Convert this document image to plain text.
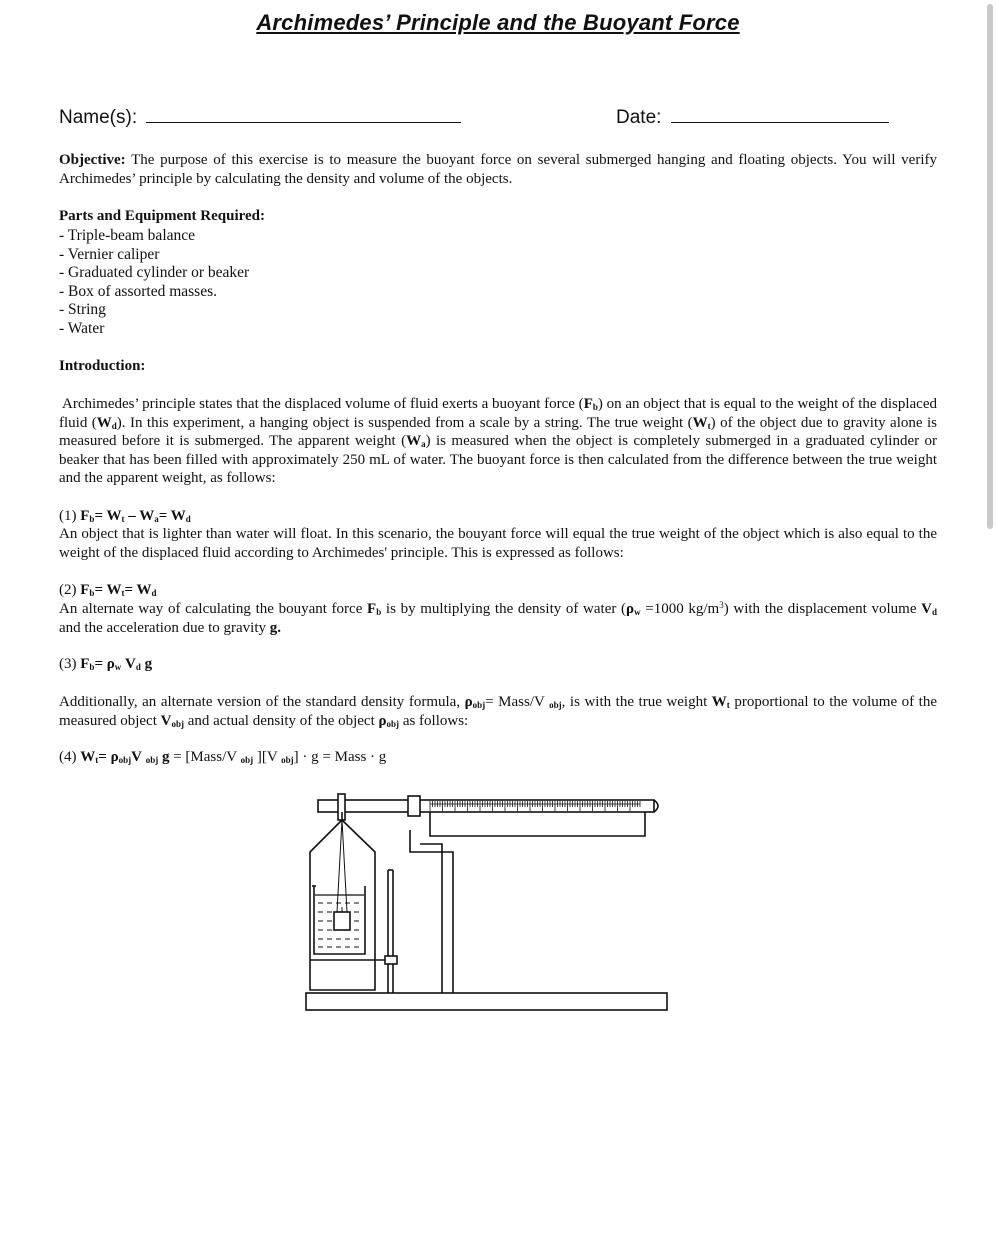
Archimedes’ Principle and the Buoyant Force
Name(s):	Date:
Objective: The purpose of this exercise is to measure the buoyant force on several submerged hanging and floating objects. You will verify Archimedes’ principle by calculating the density and volume of the objects.
Parts and Equipment Required:
- Triple-beam balance
- Vernier caliper
- Graduated cylinder or beaker
- Box of assorted masses.
- String
- Water
Introduction:
Archimedes’ principle states that the displaced volume of fluid exerts a buoyant force $(F_b)$ on an object that is equal to the weight of the displaced fluid $(W_d)$. In this experiment, a hanging object is suspended from a scale by a string. The true weight $(W_t)$ of the object due to gravity alone is measured before it is submerged. The apparent weight $(W_a)$ is measured when the object is completely submerged in a graduated cylinder or beaker that has been filled with approximately 250 mL of water. The buoyant force is then calculated from the difference between the true weight and the apparent weight, as follows:
(1) $F_b= W_t - W_a= W_d$
An object that is lighter than water will float. In this scenario, the bouyant force will equal the true weight of the object which is also equal to the weight of the displaced fluid according to Archimedes' principle. This is expressed as follows:
(2) $F_b= W_t= W_d$
An alternate way of calculating the bouyant force $F_b$ is by multiplying the density of water ($\rho_w =1000$ $kg/m^3$) with the displacement volume $V_d$ and the acceleration due to gravity g.
(3) $F_b= \rho_w$ $V_d$ g
Additionally, an alternate version of the standard density formula, $\rho_{obj}=$ Mass/V $_{obj}$, is with the true weight $W_t$ proportional to the volume of the measured object $V_{obj}$ and actual density of the object $\rho_{obj}$ as follows:
(4) $W_t= \rho_{obj}V$ $_{obj}$ g = [Mass/V $_{obj}$ ][V $_{obj}$] · g = Mass · g
